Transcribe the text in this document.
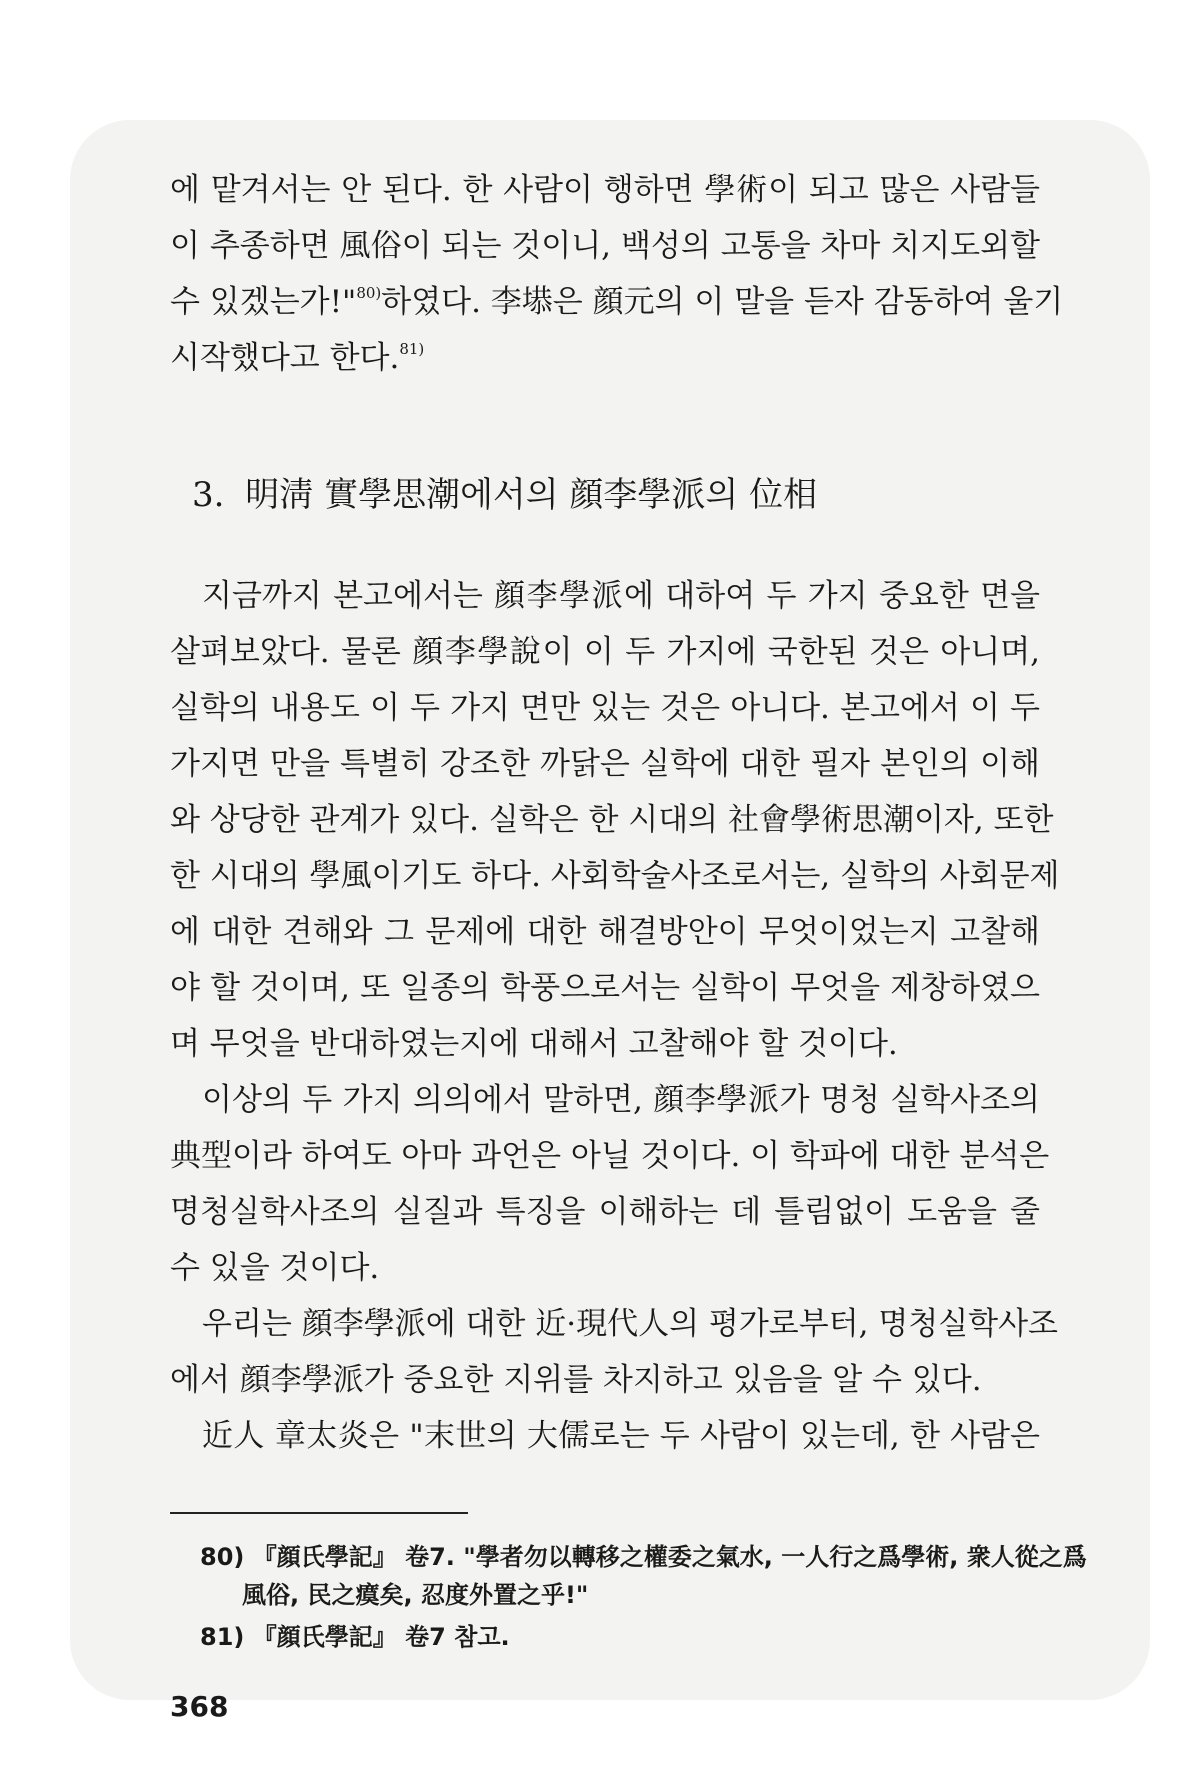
에 맡겨서는 안 된다. 한 사람이 행하면 學術이 되고 많은 사람들
이 추종하면 風俗이 되는 것이니, 백성의 고통을 차마 치지도외할
수 있겠는가!"$^{80)}$하였다. 李塨은 顔元의 이 말을 듣자 감동하여 울기
시작했다고 한다.$^{81)}$
3. 明淸 實學思潮에서의 顔李學派의 位相
지금까지 본고에서는 顔李學派에 대하여 두 가지 중요한 면을
살펴보았다. 물론 顔李學說이 이 두 가지에 국한된 것은 아니며,
실학의 내용도 이 두 가지 면만 있는 것은 아니다. 본고에서 이 두
가지면 만을 특별히 강조한 까닭은 실학에 대한 필자 본인의 이해
와 상당한 관계가 있다. 실학은 한 시대의 社會學術思潮이자, 또한
한 시대의 學風이기도 하다. 사회학술사조로서는, 실학의 사회문제
에 대한 견해와 그 문제에 대한 해결방안이 무엇이었는지 고찰해
야 할 것이며, 또 일종의 학풍으로서는 실학이 무엇을 제창하였으
며 무엇을 반대하였는지에 대해서 고찰해야 할 것이다.
이상의 두 가지 의의에서 말하면, 顔李學派가 명청 실학사조의
典型이라 하여도 아마 과언은 아닐 것이다. 이 학파에 대한 분석은
명청실학사조의 실질과 특징을 이해하는 데 틀림없이 도움을 줄
수 있을 것이다.
우리는 顔李學派에 대한 近·現代人의 평가로부터, 명청실학사조
에서 顔李學派가 중요한 지위를 차지하고 있음을 알 수 있다.
近人 章太炎은 "末世의 大儒로는 두 사람이 있는데, 한 사람은
80) 『顔氏學記』 卷7. "學者勿以轉移之權委之氣水, 一人行之爲學術, 衆人從之爲
風俗, 民之瘼矣, 忍度外置之乎!"
81) 『顔氏學記』 卷7 참고.
368
